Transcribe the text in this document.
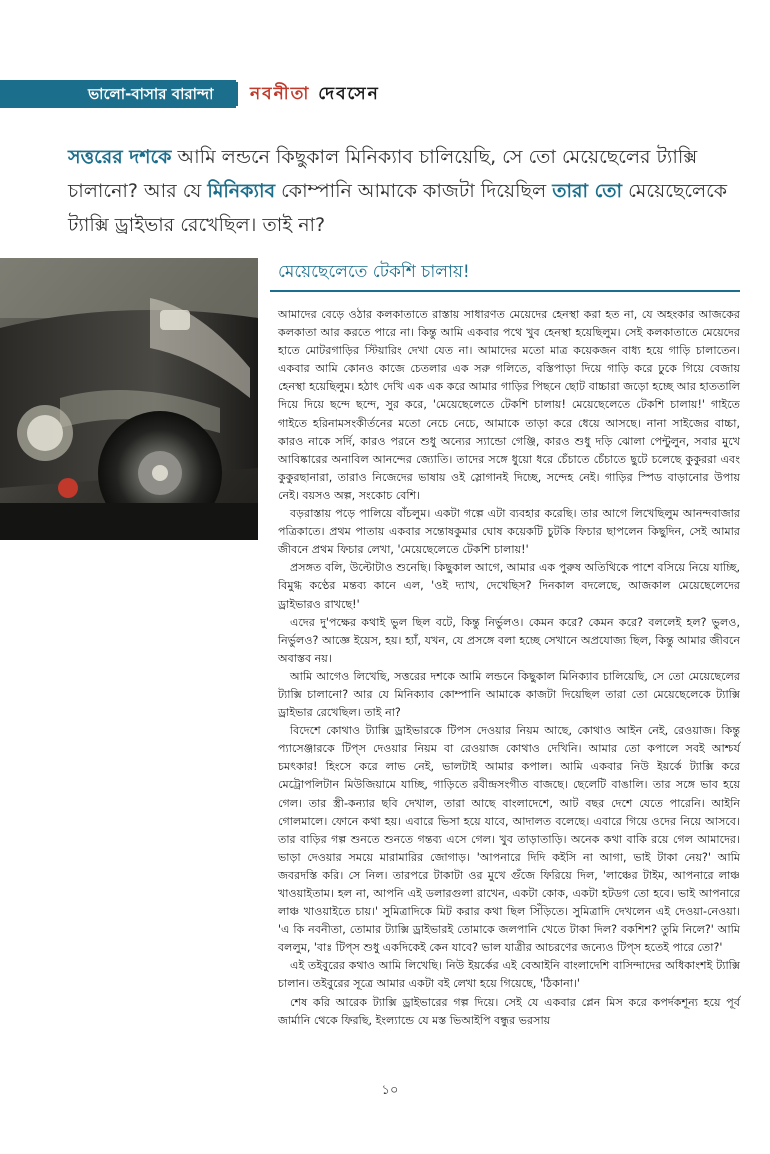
ভালো-বাসার বারান্দা নবনীতা দেবসেন
সত্তরের দশকে আমি লন্ডনে কিছুকাল মিনিক্যাব চালিয়েছি, সে তো মেয়েছেলের ট্যাক্সি চালানো? আর যে মিনিক্যাব কোম্পানি আমাকে কাজটা দিয়েছিল তারা তো মেয়েছেলেকে ট্যাক্সি ড্রাইভার রেখেছিল। তাই না?
মেয়েছেলেতে টেকশি চালায়!

আমাদের বেড়ে ওঠার কলকাতাতে রাস্তায় সাধারণত মেয়েদের হেনস্থা করা হত না, যে অহংকার আজকের কলকাতা আর করতে পারে না। কিন্তু আমি একবার পথে খুব হেনস্থা হয়েছিলুম। সেই কলকাতাতে মেয়েদের হাতে মোটরগাড়ির স্টিয়ারিং দেখা যেত না। আমাদের মতো মাত্র কয়েকজন বাধ্য হয়ে গাড়ি চালাতেন। একবার আমি কোনও কাজে চেতলার এক সরু গলিতে, বস্তিপাড়া দিয়ে গাড়ি করে ঢুকে গিয়ে বেজায় হেনস্থা হয়েছিলুম। হঠাৎ দেখি এক এক করে আমার গাড়ির পিছনে ছোট বাচ্চারা জড়ো হচ্ছে আর হাততালি দিয়ে দিয়ে ছন্দে ছন্দে, সুর করে, 'মেয়েছেলেতে টেকশি চালায়! মেয়েছেলেতে টেকশি চালায়!' গাইতে গাইতে হরিনামসংকীর্তনের মতো নেচে নেচে, আমাকে তাড়া করে ধেয়ে আসছে। নানা সাইজের বাচ্চা, কারও নাকে সর্দি, কারও পরনে শুধু অন্যের স্যান্ডো গেঞ্জি, কারও শুধু দড়ি ঝোলা পেন্টুলুন, সবার মুখে আবিষ্কারের অনাবিল আনন্দের জ্যোতি। তাদের সঙ্গে ধুয়ো ধরে চেঁচাতে চেঁচাতে ছুটে চলেছে কুকুররা এবং কুকুরছানারা, তারাও নিজেদের ভাষায় ওই স্লোগানই দিচ্ছে, সন্দেহ নেই। গাড়ির স্পিড বাড়ানোর উপায় নেই। বয়সও অল্প, সংকোচ বেশি।

বড়রাস্তায় পড়ে পালিয়ে বাঁচলুম। একটা গল্পে এটা ব্যবহার করেছি। তার আগে লিখেছিলুম আনন্দবাজার পত্রিকাতে। প্রথম পাতায় একবার সন্তোষকুমার ঘোষ কয়েকটি চুটকি ফিচার ছাপলেন কিছুদিন, সেই আমার জীবনে প্রথম ফিচার লেখা, 'মেয়েছেলেতে টেকশি চালায়!'

প্রসঙ্গত বলি, উল্টোটাও শুনেছি। কিছুকাল আগে, আমার এক পুরুষ অতিথিকে পাশে বসিয়ে নিয়ে যাচ্ছি, বিমুগ্ধ কণ্ঠের মন্তব্য কানে এল, 'ওই দ্যাখ, দেখেছিস? দিনকাল বদলেছে, আজকাল মেয়েছেলেদের ড্রাইভারও রাখছে!'

এদের দু'পক্ষের কথাই ভুল ছিল বটে, কিন্তু নির্ভুলও। কেমন করে? কেমন করে? বললেই হল? ভুলও, নির্ভুলও? আজ্ঞে ইয়েস, হয়। হ্যাঁ, যখন, যে প্রসঙ্গে বলা হচ্ছে সেখানে অপ্রযোজ্য ছিল, কিন্তু আমার জীবনে অবাস্তব নয়।

আমি আগেও লিখেছি, সত্তরের দশকে আমি লন্ডনে কিছুকাল মিনিক্যাব চালিয়েছি, সে তো মেয়েছেলের ট্যাক্সি চালানো? আর যে মিনিক্যাব কোম্পানি আমাকে কাজটা দিয়েছিল তারা তো মেয়েছেলেকে ট্যাক্সি ড্রাইভার রেখেছিল। তাই না?

বিদেশে কোথাও ট্যাক্সি ড্রাইভারকে টিপস দেওয়ার নিয়ম আছে, কোথাও আইন নেই, রেওয়াজ। কিন্তু প্যাসেঞ্জারকে টিপ্‌স দেওয়ার নিয়ম বা রেওয়াজ কোথাও দেখিনি। আমার তো কপালে সবই আশ্চর্য চমৎকার! হিংসে করে লাভ নেই, ভালটাই আমার কপাল। আমি একবার নিউ ইয়র্কে ট্যাক্সি করে মেট্রোপলিটান মিউজিয়ামে যাচ্ছি, গাড়িতে রবীন্দ্রসংগীত বাজছে। ছেলেটি বাঙালি। তার সঙ্গে ভাব হয়ে গেল। তার স্ত্রী-কন্যার ছবি দেখাল, তারা আছে বাংলাদেশে, আট বছর দেশে যেতে পারেনি। আইনি গোলমালে। ফোনে কথা হয়। এবারে ভিসা হয়ে যাবে, আদালত বলেছে। এবারে গিয়ে ওদের নিয়ে আসবে। তার বাড়ির গল্প শুনতে শুনতে গন্তব্য এসে গেল। খুব তাড়াতাড়ি। অনেক কথা বাকি রয়ে গেল আমাদের। ভাড়া দেওয়ার সময়ে মারামারির জোগাড়। 'আপনারে দিদি কইসি না আগা, ভাই টাকা নেয়?' আমি জবরদস্তি করি। সে নিল। তারপরে টাকাটা ওর মুখে গুঁজে ফিরিয়ে দিল, 'লাঞ্চের টাইম, আপনারে লাঞ্চ খাওয়াইতাম। হল না, আপনি এই ডলারগুলা রাখেন, একটা কোক, একটা হটডগ তো হবে। ভাই আপনারে লাঞ্চ খাওয়াইতে চায়।' সুমিত্রাদিকে মিট করার কথা ছিল সিঁড়িতে। সুমিত্রাদি দেখলেন এই দেওয়া-নেওয়া। 'এ কি নবনীতা, তোমার ট্যাক্সি ড্রাইভারই তোমাকে জলপানি খেতে টাকা দিল? বকশিশ? তুমি নিলে?' আমি বললুম, 'বাঃ টিপ্‌স শুধু একদিকেই কেন যাবে? ভাল যাত্রীর আচরণের জন্যেও টিপ্‌স হতেই পারে তো?'

এই তইবুরের কথাও আমি লিখেছি। নিউ ইয়র্কের এই বেআইনি বাংলাদেশি বাসিন্দাদের অধিকাংশই ট্যাক্সি চালান। তইবুরের সূত্রে আমার একটা বই লেখা হয়ে গিয়েছে, 'ঠিকানা।'

শেষ করি আরেক ট্যাক্সি ড্রাইভারের গল্প দিয়ে। সেই যে একবার প্লেন মিস করে কপর্দকশূন্য হয়ে পূর্ব জার্মানি থেকে ফিরছি, ইংল্যান্ডে যে মস্ত ভিআইপি বন্ধুর ভরসায়

১০
